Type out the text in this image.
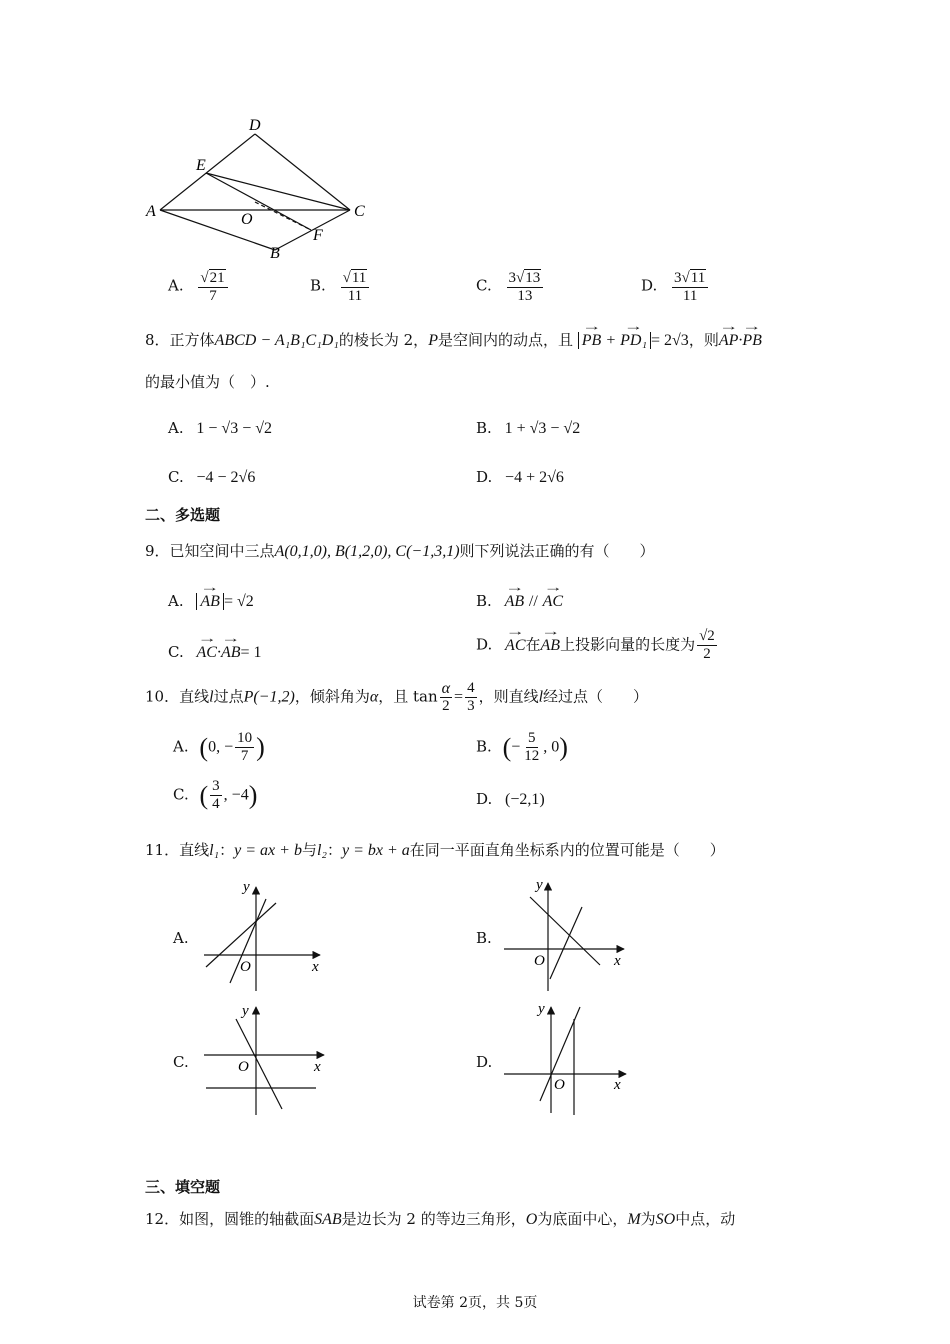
D
E
A	O	C
F
B
A. $\frac{√21}{7}$	B. $\frac{√11}{11}$	C. $\frac{3√13}{13}$	D. $\frac{3√11}{11}$
8．正方体ABCD − A₁B₁C₁D₁的棱长为 2，P是空间内的动点，且 → PB + → PD₁ = 2√3，则→ AP·→ PB
的最小值为（　）.
A. 1 − √3 − √2	B. 1 + √3 − √2
C. −4 − 2√6	D. −4 + 2√6
二、多选题
9．已知空间中三点A(0,1,0), B(1,2,0), C(−1,3,1)则下列说法正确的有（　　）
A. → AB = √2	B. → AB // → AC
C. → AC·→ AB= 1	D. → AC在→ AB上投影向量的长度为 $\frac{√2}{2}$
10．直线l过点P(−1,2)，倾斜角为α，且 $\tan \frac{\alpha}{2} = \frac{4}{3}$ ，则直线l经过点（　　）
A. (0, − $\frac{10}{7}$ )	B. (− $\frac{5}{12}$ , 0)
C. ( $\frac{3}{4}$ , −4)	D. (−2,1)
11．直线l₁：y = ax + b与l₂：y = bx + a在同一平面直角坐标系内的位置可能是（　　）
A.
x
y
O
B.
x
y
O
C.	x
y
O	D.
x
y
O
三、填空题
12．如图，圆锥的轴截面SAB是边长为 2 的等边三角形，O为底面中心，M为SO中点，动
试卷第 2页，共 5页
